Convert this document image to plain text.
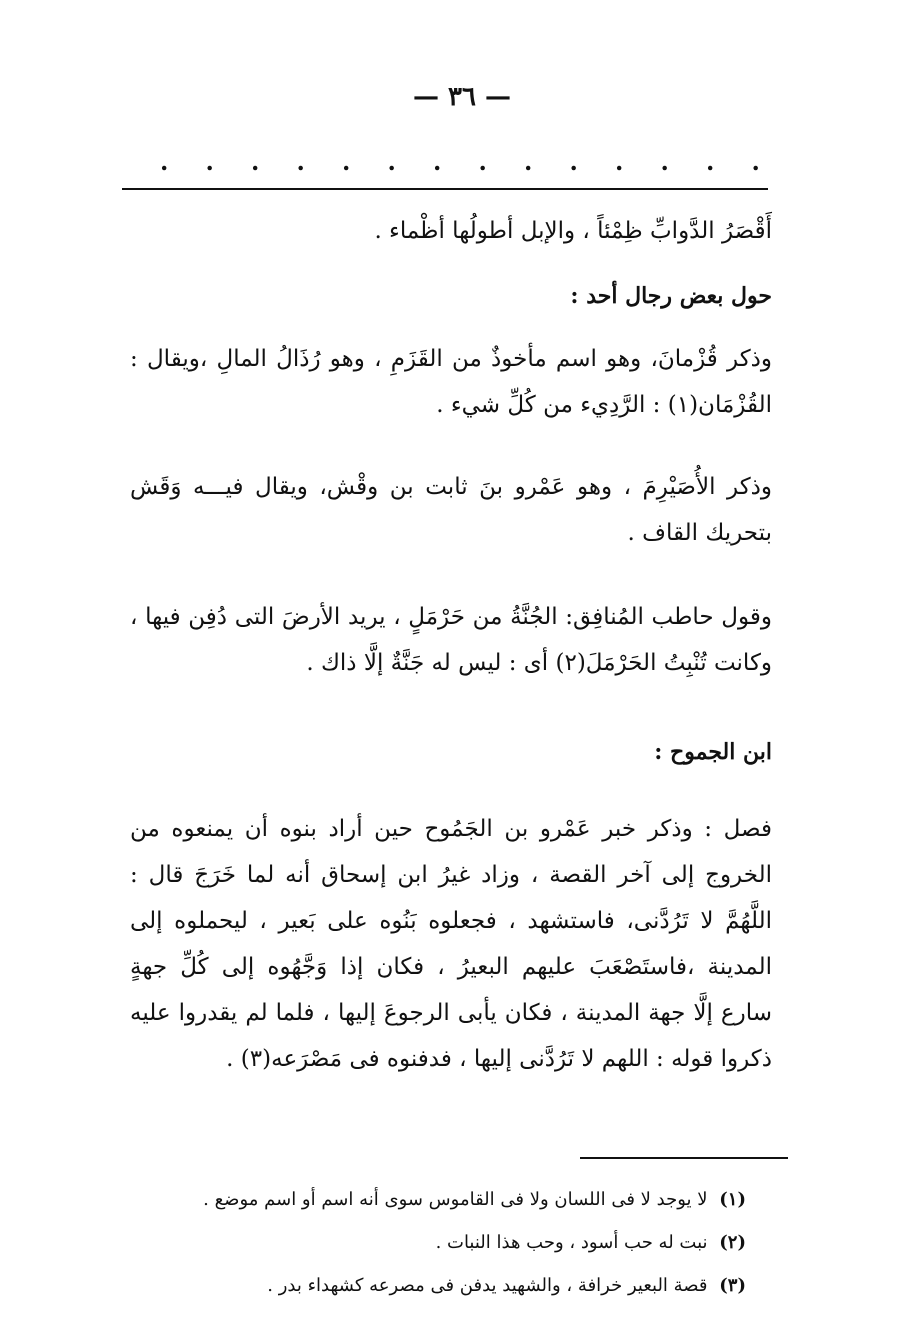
— ٣٦ —
.
.
.
.
.
.
.
.
.
.
.
.
.
.

أَقْصَرُ الدَّوابِّ ظِمْئاً ، والإبل أطولُها أظْماء .

حول بعض رجال أحد :

وذكر قُزْمانَ، وهو اسم مأخوذٌ من القَزَمِ ، وهو رُذَالُ المالِ ،ويقال : القُزْمَان(١) : الرَّدِيء من كُلِّ شيء .

وذكر الأُصَيْرِمَ ، وهو عَمْرو بنَ ثابت بن وقْش، ويقال فيـــه وَقَش بتحريك القاف .

وقول حاطب المُنافِق: الجُنَّةُ من حَرْمَلٍ ، يريد الأرضَ التى دُفِن فيها ، وكانت تُنْبِتُ الحَرْمَلَ(٢) أى : ليس له جَنَّةٌ إلَّا ذاك .

ابن الجموح :

فصل : وذكر خبر عَمْرو بن الجَمُوح حين أراد بنوه أن يمنعوه من الخروج إلى آخر القصة ، وزاد غيرُ ابن إسحاق أنه لما خَرَجَ قال : اللَّهُمَّ لا تَرُدَّنى، فاستشهد ، فجعلوه بَنُوه على بَعير ، ليحملوه إلى المدينة ،فاستَصْعَبَ عليهم البعيرُ ، فكان إذا وَجَّهُوه إلى كُلِّ جهةٍ سارع إلَّا جهة المدينة ، فكان يأبى الرجوعَ إليها ، فلما لم يقدروا عليه ذكروا قوله : اللهم لا تَرُدَّنى إليها ، فدفنوه فى مَصْرَعه(٣) .

(١) لا يوجد لا فى اللسان ولا فى القاموس سوى أنه اسم أو اسم موضع .
(٢) نبت له حب أسود ، وحب هذا النبات .
(٣) قصة البعير خرافة ، والشهيد يدفن فى مصرعه كشهداء بدر .
